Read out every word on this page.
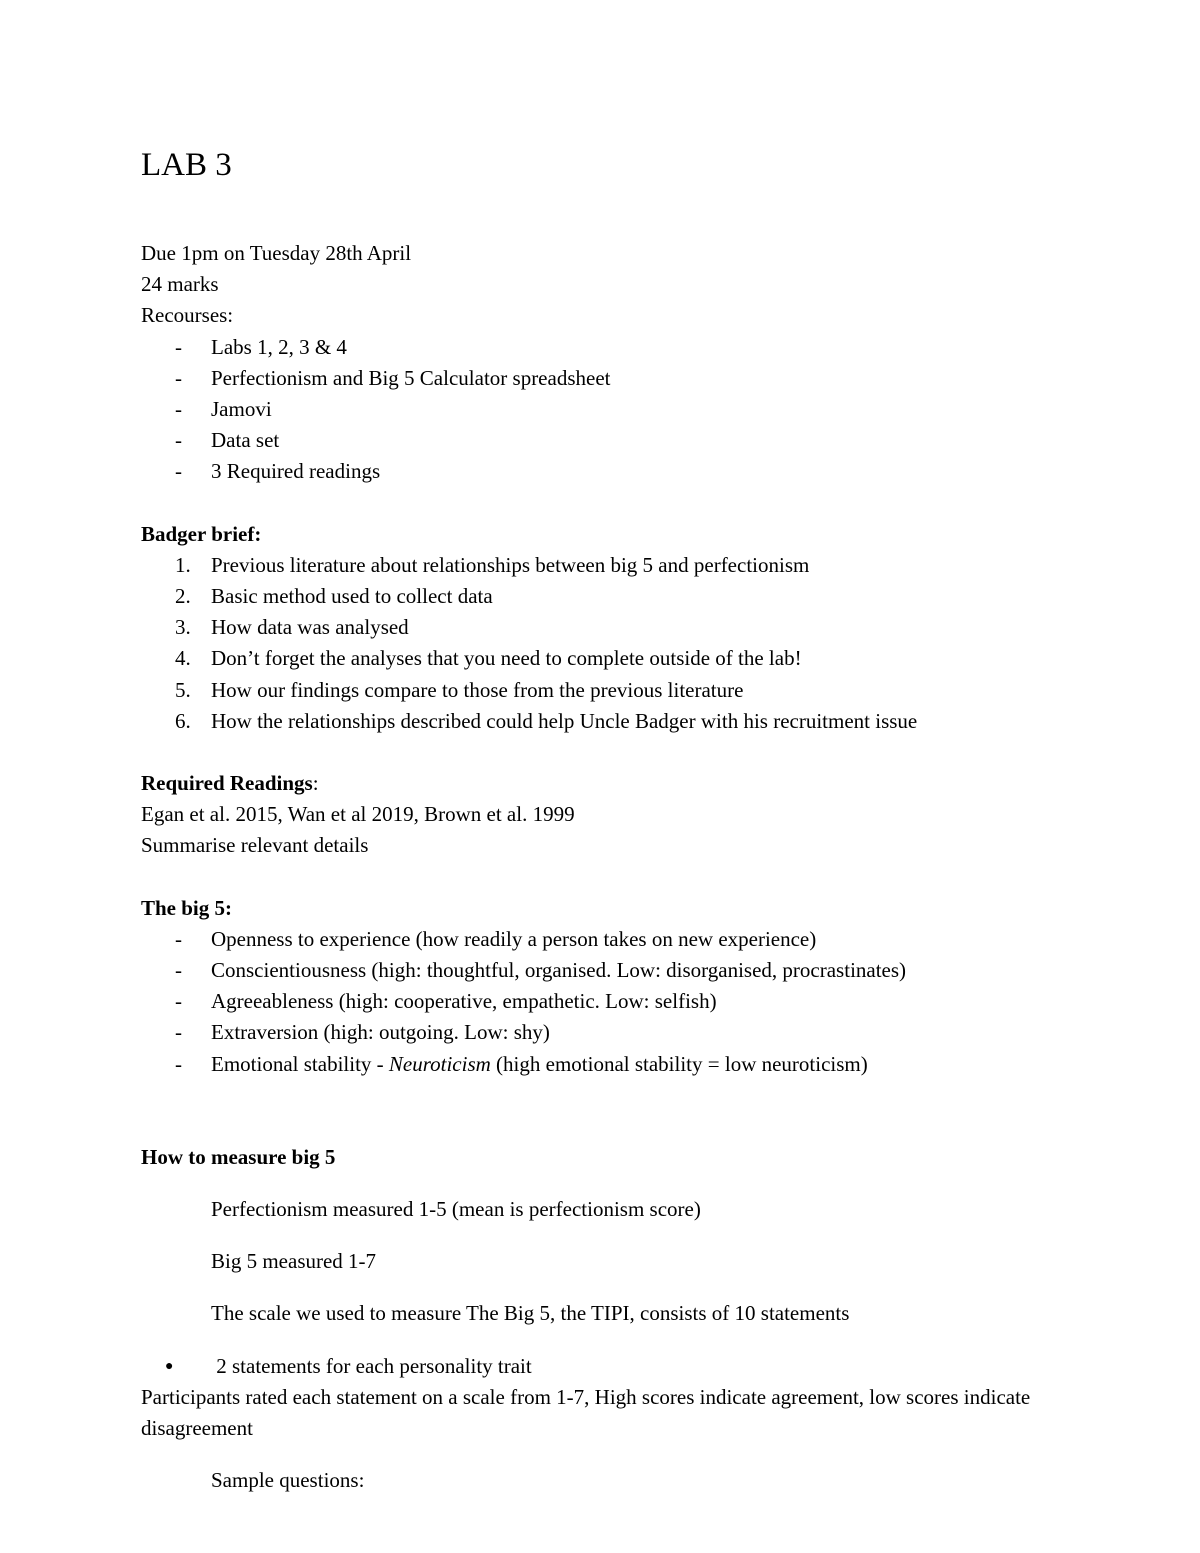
LAB 3

Due 1pm on Tuesday 28th April

24 marks

Recourses:

- Labs 1, 2, 3 & 4
- Perfectionism and Big 5 Calculator spreadsheet
- Jamovi
- Data set
- 3 Required readings

Badger brief:

1. Previous literature about relationships between big 5 and perfectionism
2. Basic method used to collect data
3. How data was analysed
4. Don’t forget the analyses that you need to complete outside of the lab!
5. How our findings compare to those from the previous literature
6. How the relationships described could help Uncle Badger with his recruitment issue

Required Readings:

Egan et al. 2015, Wan et al 2019, Brown et al. 1999

Summarise relevant details

The big 5:

- Openness to experience (how readily a person takes on new experience)
- Conscientiousness (high: thoughtful, organised. Low: disorganised, procrastinates)
- Agreeableness (high: cooperative, empathetic. Low: selfish)
- Extraversion (high: outgoing. Low: shy)
- Emotional stability - Neuroticism (high emotional stability = low neuroticism)

How to measure big 5

Perfectionism measured 1-5 (mean is perfectionism score)

Big 5 measured 1-7

The scale we used to measure The Big 5, the TIPI, consists of 10 statements

● 2 statements for each personality trait

Participants rated each statement on a scale from 1-7, High scores indicate agreement, low scores indicate disagreement

Sample questions:
